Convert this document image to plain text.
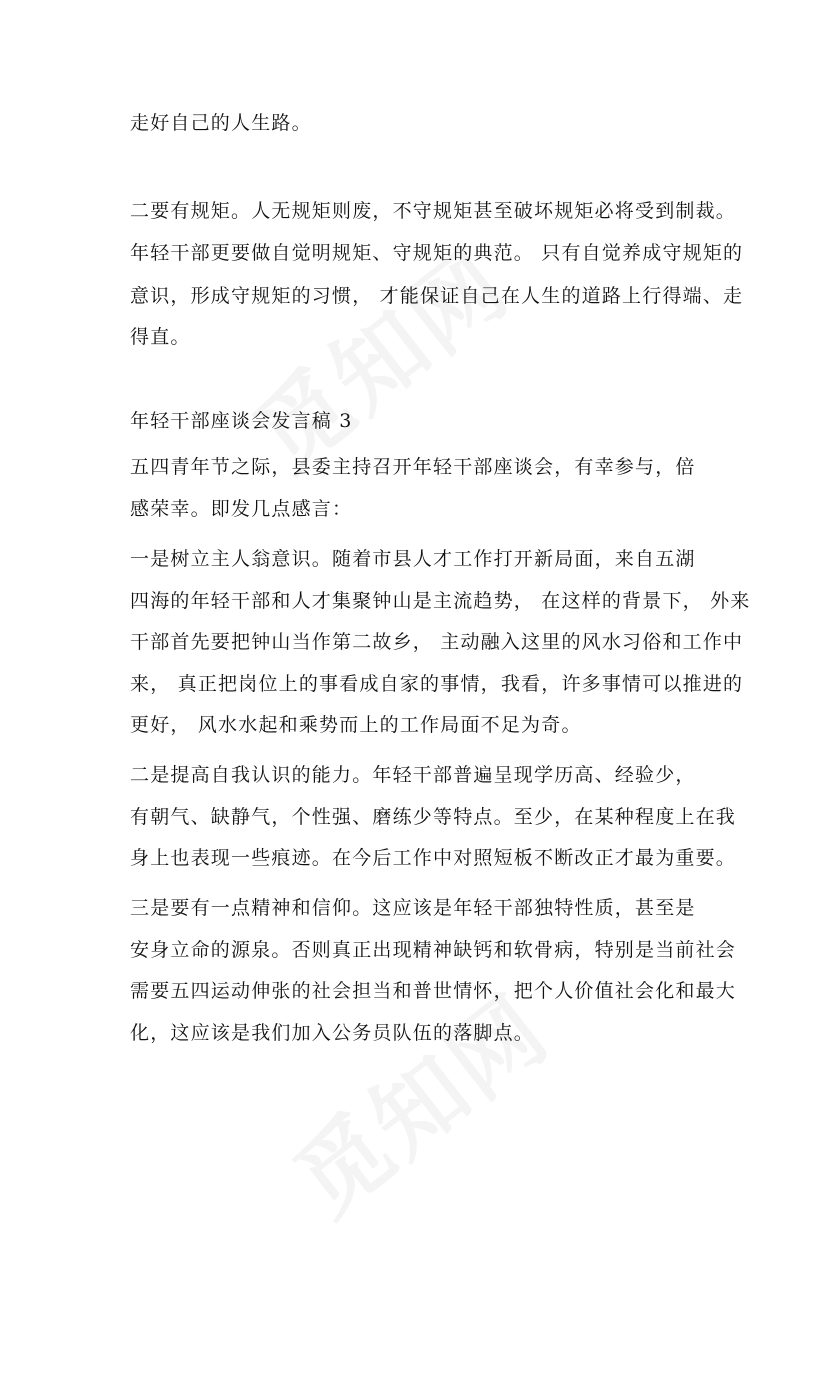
走好自己的人生路。
二要有规矩。人无规矩则废，不守规矩甚至破坏规矩必将受到制裁。
年轻干部更要做自觉明规矩、守规矩的典范。 只有自觉养成守规矩的
意识，形成守规矩的习惯， 才能保证自己在人生的道路上行得端、走
得直。
年轻干部座谈会发言稿 3
五四青年节之际，县委主持召开年轻干部座谈会，有幸参与，倍
感荣幸。即发几点感言：
一是树立主人翁意识。随着市县人才工作打开新局面，来自五湖
四海的年轻干部和人才集聚钟山是主流趋势， 在这样的背景下， 外来
干部首先要把钟山当作第二故乡， 主动融入这里的风水习俗和工作中
来， 真正把岗位上的事看成自家的事情，我看，许多事情可以推进的
更好， 风水水起和乘势而上的工作局面不足为奇。
二是提高自我认识的能力。年轻干部普遍呈现学历高、经验少，
有朝气、缺静气，个性强、磨练少等特点。至少，在某种程度上在我
身上也表现一些痕迹。在今后工作中对照短板不断改正才最为重要。
三是要有一点精神和信仰。这应该是年轻干部独特性质，甚至是
安身立命的源泉。否则真正出现精神缺钙和软骨病，特别是当前社会
需要五四运动伸张的社会担当和普世情怀，把个人价值社会化和最大
化，这应该是我们加入公务员队伍的落脚点。
